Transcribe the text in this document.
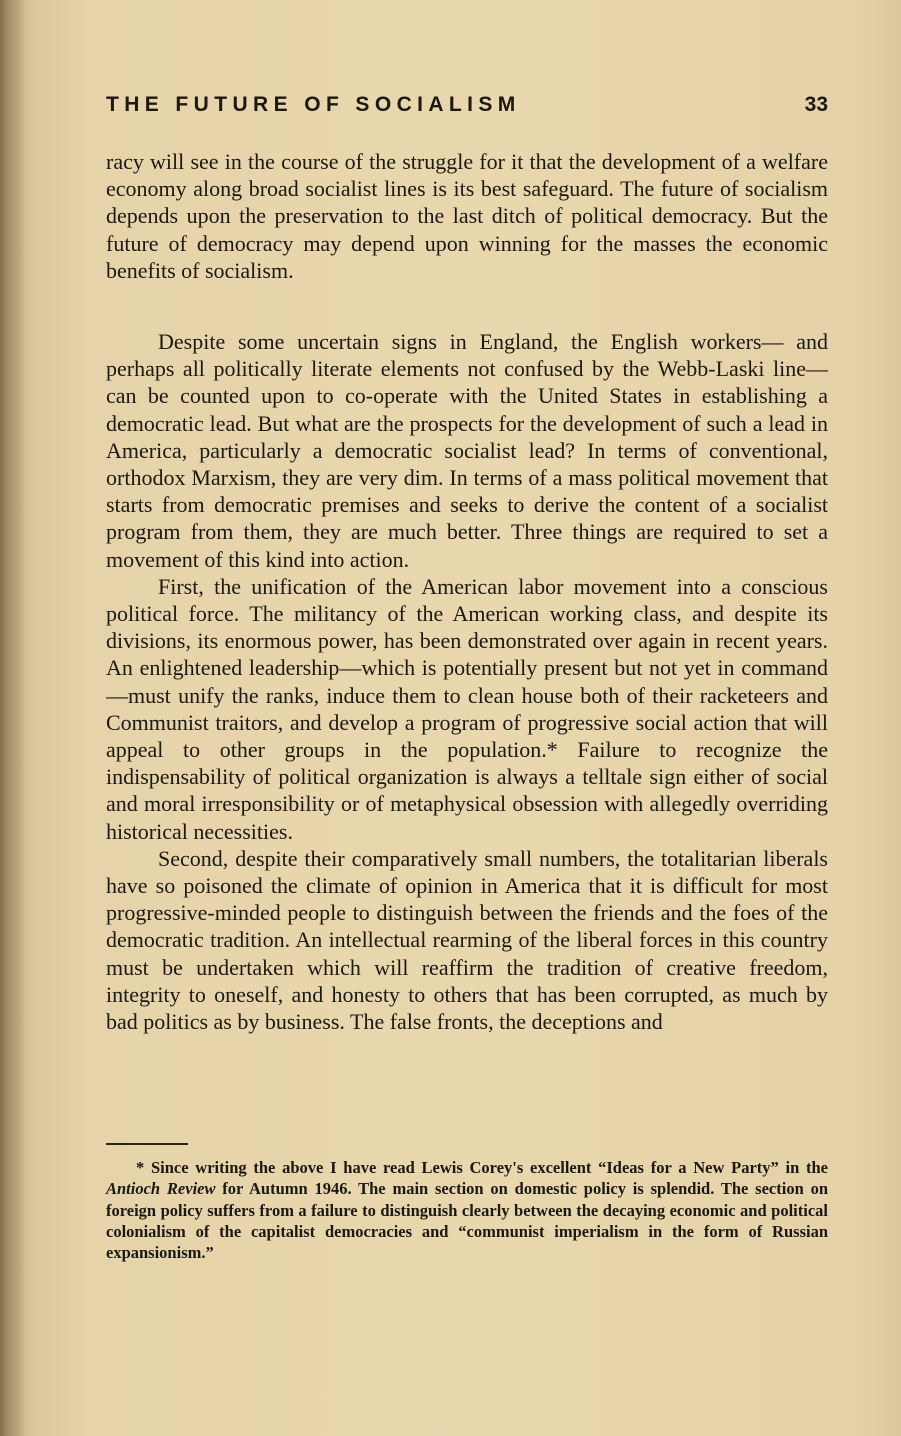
THE FUTURE OF SOCIALISM	33

racy will see in the course of the struggle for it that the development of a welfare economy along broad socialist lines is its best safeguard. The future of socialism depends upon the preservation to the last ditch of political democracy. But the future of democracy may depend upon winning for the masses the economic benefits of socialism.

Despite some uncertain signs in England, the English workers— and perhaps all politically literate elements not confused by the Webb-Laski line—can be counted upon to co-operate with the United States in establishing a democratic lead. But what are the prospects for the development of such a lead in America, particularly a democratic socialist lead? In terms of conventional, orthodox Marxism, they are very dim. In terms of a mass political movement that starts from democratic premises and seeks to derive the content of a socialist program from them, they are much better. Three things are required to set a movement of this kind into action.

First, the unification of the American labor movement into a conscious political force. The militancy of the American working class, and despite its divisions, its enormous power, has been demonstrated over again in recent years. An enlightened leadership—which is potentially present but not yet in command—must unify the ranks, induce them to clean house both of their racketeers and Communist traitors, and develop a program of progressive social action that will appeal to other groups in the population.* Failure to recognize the indispensability of political organization is always a telltale sign either of social and moral irresponsibility or of metaphysical obsession with allegedly overriding historical necessities.

Second, despite their comparatively small numbers, the totalitarian liberals have so poisoned the climate of opinion in America that it is difficult for most progressive-minded people to distinguish between the friends and the foes of the democratic tradition. An intellectual rearming of the liberal forces in this country must be undertaken which will reaffirm the tradition of creative freedom, integrity to oneself, and honesty to others that has been corrupted, as much by bad politics as by business. The false fronts, the deceptions and

* Since writing the above I have read Lewis Corey's excellent “Ideas for a New Party” in the Antioch Review for Autumn 1946. The main section on domestic policy is splendid. The section on foreign policy suffers from a failure to distinguish clearly between the decaying economic and political colonialism of the capitalist democracies and “communist imperialism in the form of Russian expansionism.”
